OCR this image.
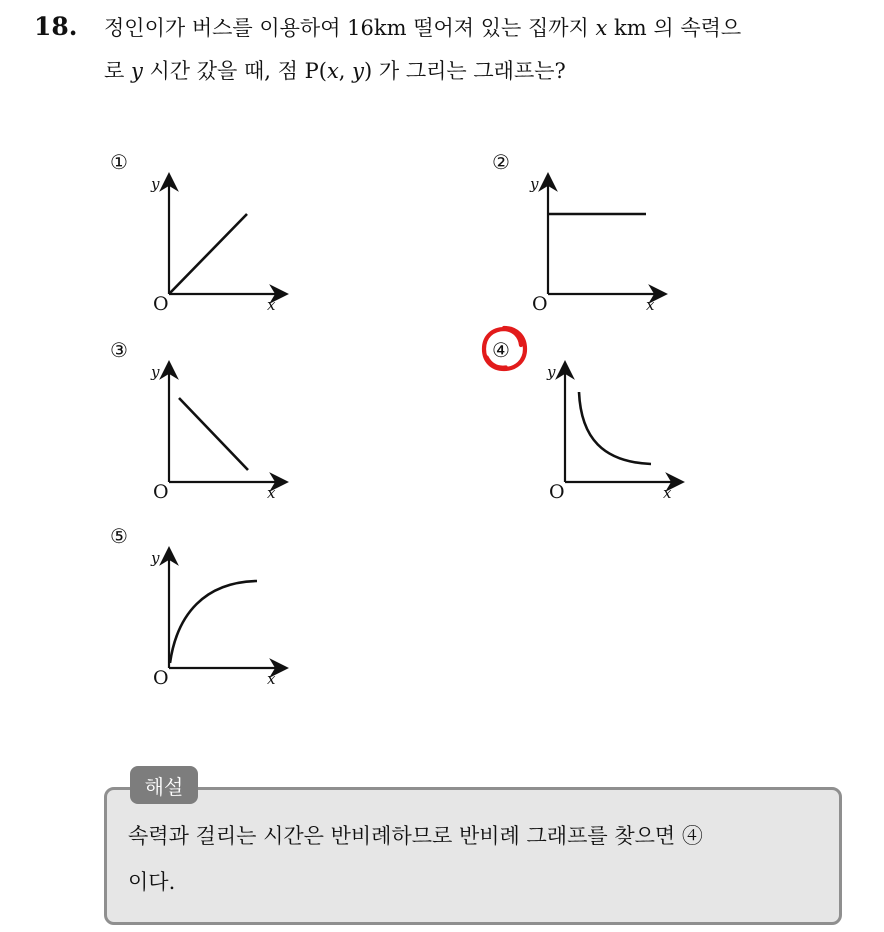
18. 정인이가 버스를 이용하여 16km 떨어져 있는 집까지 x km 의 속력으
로 y 시간 갔을 때, 점 P(x, y) 가 그리는 그래프는?
①
y
x
O
②
y
x
O
③
y
x
O
④
y
x
O
⑤
y
x
O
해설
속력과 걸리는 시간은 반비례하므로 반비례 그래프를 찾으면 ④
이다.
